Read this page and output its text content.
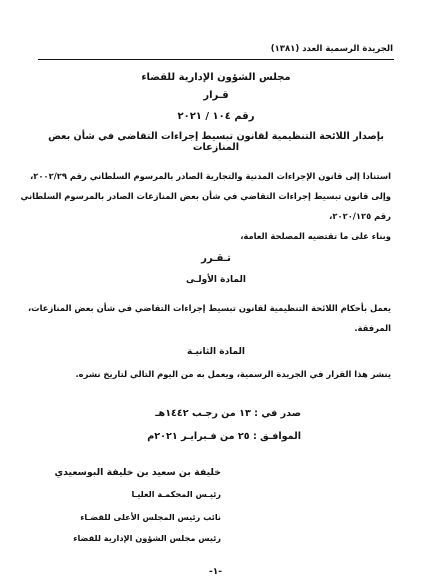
الجريدة الرسمية العدد (١٣٨١)
مجلس الشؤون الإدارية للقضاء
قـرار
رقم ١٠٤ / ٢٠٢١
بإصدار اللائحة التنظيمية لقانون تبسيط إجراءات التقاضي في شأن بعض المنازعات
استنادا إلى قانون الإجراءات المدنية والتجارية الصادر بالمرسوم السلطاني رقم ٢٠٠٢/٢٩،
وإلى قانون تبسيط إجراءات التقاضي في شأن بعض المنازعات الصادر بالمرسوم السلطاني
رقم ٢٠٢٠/١٢٥،
وبناء على ما تقتضيه المصلحة العامة،
تـقـرر
المادة الأولـى
يعمل بأحكام اللائحة التنظيمية لقانون تبسيط إجراءات التقاضي في شأن بعض المنازعات،
المرفقة.
المادة الثانيـة
ينشر هذا القرار في الجريدة الرسمية، ويعمل به من اليوم التالي لتاريخ نشره.
صدر في : ١٣ من رجـب ١٤٤٢هـ
الموافـق : ٢٥ من فـبرايـر ٢٠٢١م
خليفة بن سعيد بن خليفة البوسعيدي
رئيـس المحكمـة العليـا
نائب رئيس المجلس الأعلى للقضـاء
رئيس مجلس الشؤون الإدارية للقضاء
-١-
